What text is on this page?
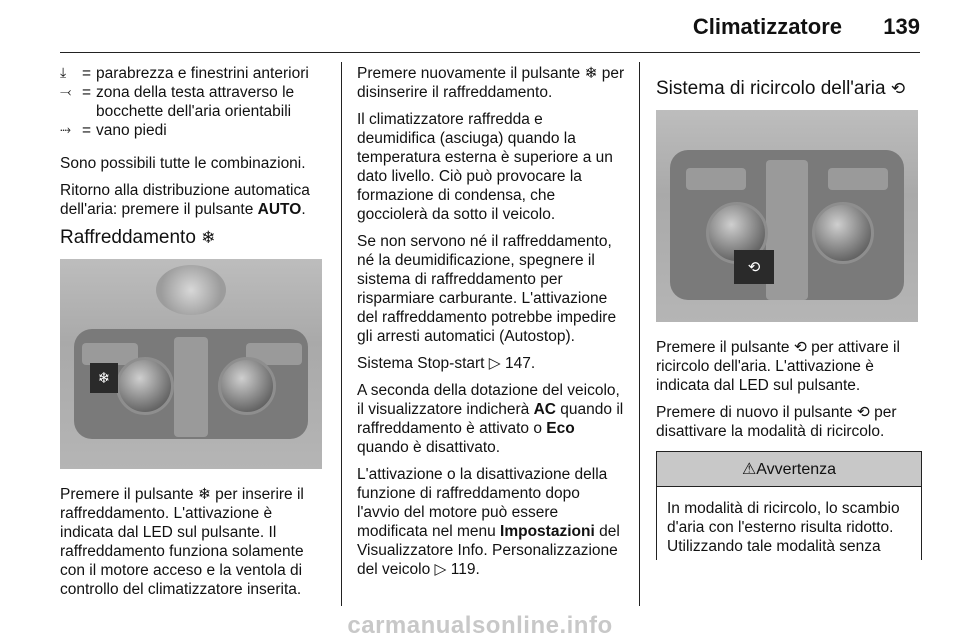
Climatizzatore 139
⤓	= parabrezza e finestrini anteriori
⤙ = zona della testa attraverso le bocchette dell'aria orientabili
⤑ = vano piedi

Sono possibili tutte le combinazioni.

Ritorno alla distribuzione automatica dell'aria: premere il pulsante AUTO.

Raffreddamento ❄
❄

Premere il pulsante ❄ per inserire il raffreddamento. L'attivazione è indicata dal LED sul pulsante. Il raffreddamento funziona solamente con il motore acceso e la ventola di controllo del climatizzatore inserita.

Premere nuovamente il pulsante ❄ per disinserire il raffreddamento.

Il climatizzatore raffredda e deumidifica (asciuga) quando la temperatura esterna è superiore a un dato livello. Ciò può provocare la formazione di condensa, che gocciolerà da sotto il veicolo.

Se non servono né il raffreddamento, né la deumidificazione, spegnere il sistema di raffreddamento per risparmiare carburante. L'attivazione del raffreddamento potrebbe impedire gli arresti automatici (Autostop).

Sistema Stop-start ▷ 147.

A seconda della dotazione del veicolo, il visualizzatore indicherà AC quando il raffreddamento è attivato o Eco quando è disattivato.

L'attivazione o la disattivazione della funzione di raffreddamento dopo l'avvio del motore può essere modificata nel menu Impostazioni del Visualizzatore Info. Personalizzazione del veicolo ▷ 119.

Sistema di ricircolo dell'aria ⟲
⟲

Premere il pulsante ⟲ per attivare il ricircolo dell'aria. L'attivazione è indicata dal LED sul pulsante.

Premere di nuovo il pulsante ⟲ per disattivare la modalità di ricircolo.

⚠Avvertenza
In modalità di ricircolo, lo scambio d'aria con l'esterno risulta ridotto. Utilizzando tale modalità senza
carmanualsonline.info
